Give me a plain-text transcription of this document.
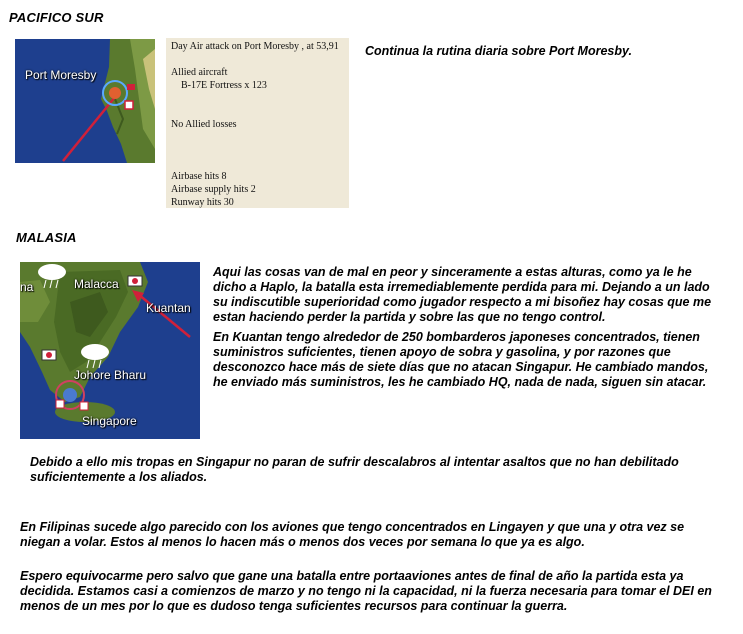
PACIFICO SUR
Port Moresby
Day Air attack on Port Moresby , at 53,91
Allied aircraft
B-17E Fortress x 123
No Allied losses
Airbase hits 8
Airbase supply hits 2
Runway hits 30
Continua la rutina diaria sobre Port Moresby.
MALASIA
Malacca
Kuantan
Johore Bharu
Singapore
na
Aqui las cosas van de mal en peor y sinceramente a estas alturas, como ya le he dicho a Haplo, la batalla esta irremediablemente perdida para mi. Dejando a un lado su indiscutible superioridad como jugador respecto a mi bisoñez hay cosas que me estan haciendo perder la partida y sobre las que no tengo control.
En Kuantan tengo alrededor de 250 bombarderos japoneses concentrados, tienen suministros suficientes, tienen apoyo de sobra y gasolina, y por razones que desconozco hace más de siete días que no atacan Singapur. He cambiado mandos, he enviado más suministros, les he cambiado HQ, nada de nada, siguen sin atacar.
Debido a ello mis tropas en Singapur no paran de sufrir descalabros al intentar asaltos que no han debilitado suficientemente a los aliados.
En Filipinas sucede algo parecido con los aviones que tengo concentrados en Lingayen y que una y otra vez se niegan a volar. Estos al menos lo hacen más o menos dos veces por semana lo que ya es algo.
Espero equivocarme pero salvo que gane una batalla entre portaaviones antes de final de año la partida esta ya decidida. Estamos casi a comienzos de marzo y no tengo ni la capacidad, ni la fuerza necesaria para tomar el DEI en menos de un mes por lo que es dudoso tenga suficientes recursos para continuar la guerra.
